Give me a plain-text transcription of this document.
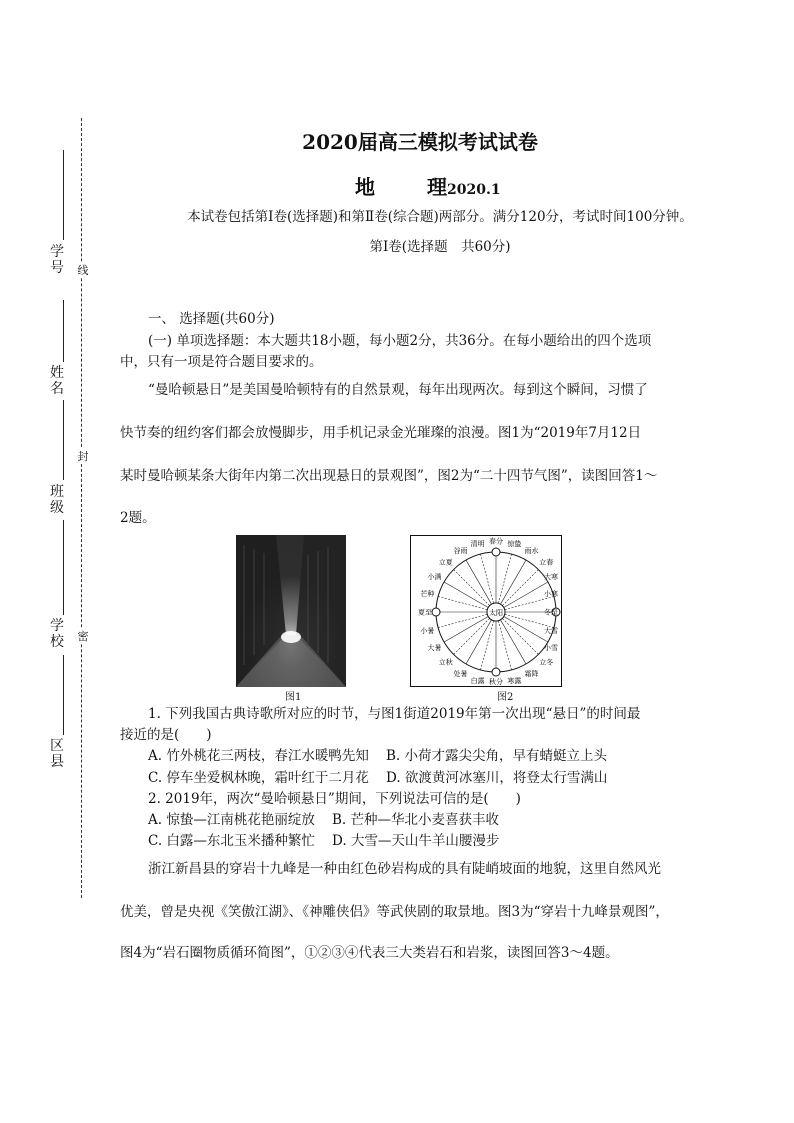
学号
姓名
班级
学校
区县
线
封
密
2020届高三模拟考试试卷
地	理2020.1
本试卷包括第Ⅰ卷(选择题)和第Ⅱ卷(综合题)两部分。满分120分，考试时间100分钟。
第Ⅰ卷(选择题　共60分)
一、 选择题(共60分)
(一) 单项选择题：本大题共18小题，每小题2分，共36分。在每小题给出的四个选项
中，只有一项是符合题目要求的。
“曼哈顿悬日”是美国曼哈顿特有的自然景观，每年出现两次。每到这个瞬间，习惯了
快节奏的纽约客们都会放慢脚步，用手机记录金光璀璨的浪漫。图1为“2019年7月12日
某时曼哈顿某条大街年内第二次出现悬日的景观图”，图2为“二十四节气图”，读图回答1～
2题。
图1
太阳
春分 惊蛰
雨水
立春
大寒
小寒
冬至
大雪
小雪
立冬
霜降
寒露
秋分
白露
处暑
立秋
大暑
小暑
夏至
芒种
小满
立夏
谷雨
清明
图2
1. 下列我国古典诗歌所对应的时节，与图1街道2019年第一次出现“悬日”的时间最
接近的是(　　)
A. 竹外桃花三两枝，春江水暖鸭先知 B. 小荷才露尖尖角，早有蜻蜓立上头
C. 停车坐爱枫林晚，霜叶红于二月花 D. 欲渡黄河冰塞川，将登太行雪满山
2. 2019年，两次“曼哈顿悬日”期间，下列说法可信的是(　　)
A. 惊蛰—江南桃花艳丽绽放 B. 芒种—华北小麦喜获丰收
C. 白露—东北玉米播种繁忙 D. 大雪—天山牛羊山腰漫步
浙江新昌县的穿岩十九峰是一种由红色砂岩构成的具有陡峭坡面的地貌，这里自然风光
优美，曾是央视《笑傲江湖》、《神雕侠侣》等武侠剧的取景地。图3为“穿岩十九峰景观图”，
图4为“岩石圈物质循环简图”，①②③④代表三大类岩石和岩浆，读图回答3～4题。
